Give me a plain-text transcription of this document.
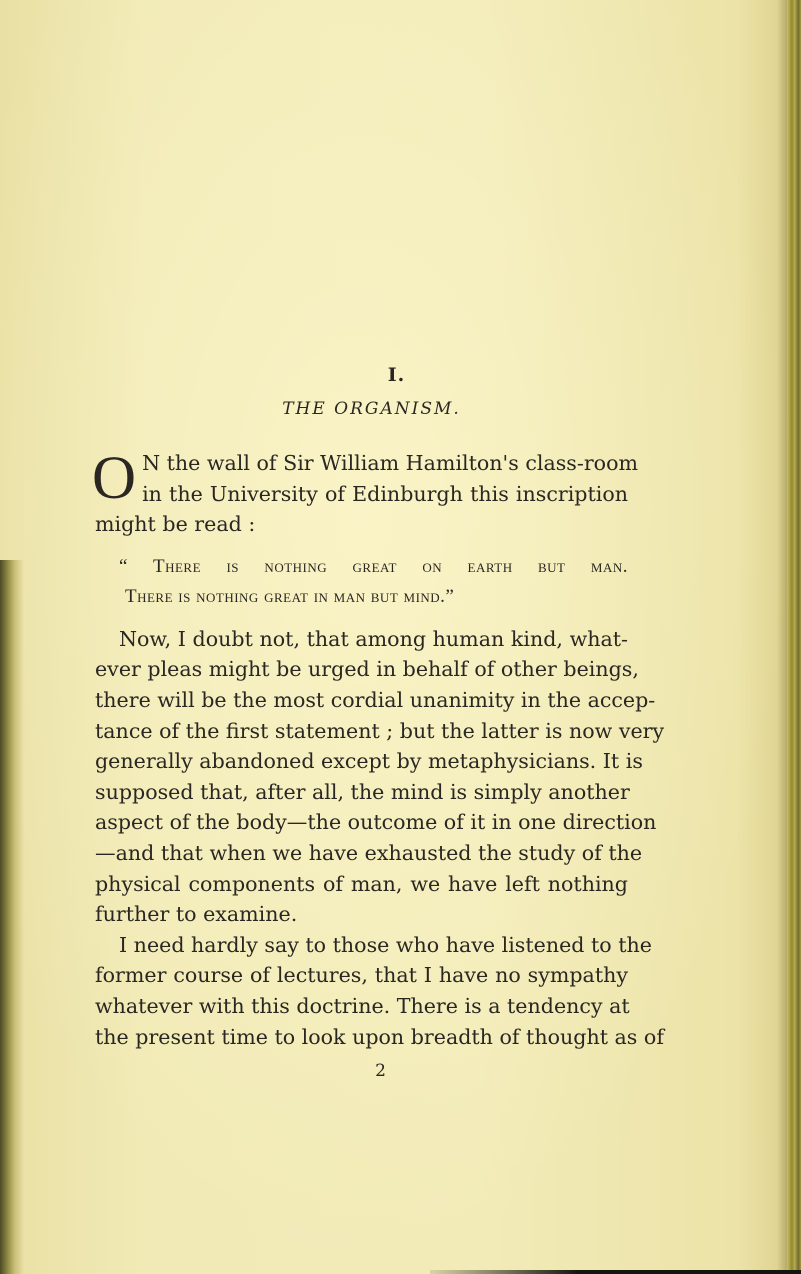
I.
THE ORGANISM.
O N the wall of Sir William Hamilton's class-room
in the University of Edinburgh this inscription
might be read :
“ There is nothing great on earth but man.
There is nothing great in man but mind.”
Now, I doubt not, that among human kind, what-
ever pleas might be urged in behalf of other beings,
there will be the most cordial unanimity in the accep-
tance of the first statement ; but the latter is now very
generally abandoned except by metaphysicians. It is
supposed that, after all, the mind is simply another
aspect of the body—the outcome of it in one direction
—and that when we have exhausted the study of the
physical components of man, we have left nothing
further to examine.
I need hardly say to those who have listened to the
former course of lectures, that I have no sympathy
whatever with this doctrine. There is a tendency at
the present time to look upon breadth of thought as of
2
